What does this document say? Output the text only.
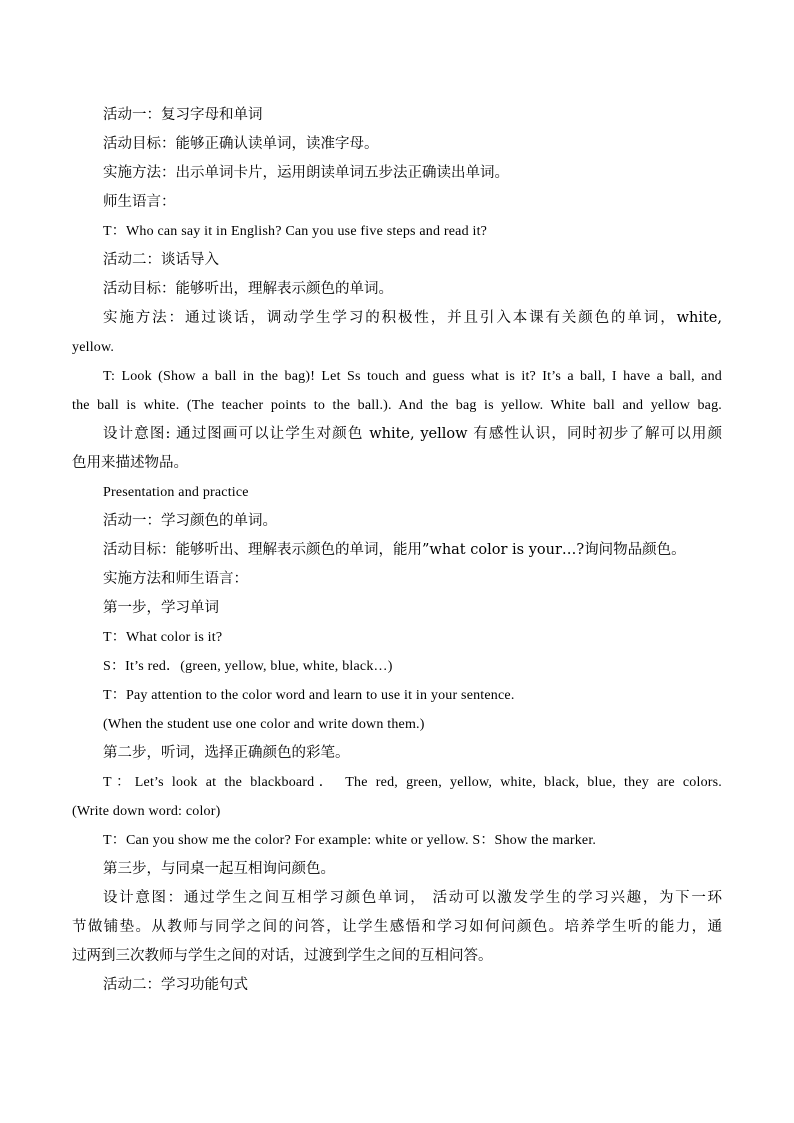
活动一：复习字母和单词
活动目标：能够正确认读单词，读准字母。
实施方法：出示单词卡片，运用朗读单词五步法正确读出单词。
师生语言：
T：Who can say it in English? Can you use five steps and read it?
活动二：谈话导入
活动目标：能够听出，理解表示颜色的单词。
实施方法：通过谈话，调动学生学习的积极性，并且引入本课有关颜色的单词，white,
yellow.
T: Look (Show a ball in the bag)! Let Ss touch and guess what is it? It’s a ball, I have a ball, and
the ball is white. (The teacher points to the ball.). And the bag is yellow. White ball and yellow bag.
设计意图: 通过图画可以让学生对颜色 white, yellow 有感性认识，同时初步了解可以用颜
色用来描述物品。
Presentation and practice
活动一：学习颜色的单词。
活动目标：能够听出、理解表示颜色的单词，能用”what color is your…?询问物品颜色。
实施方法和师生语言：
第一步，学习单词
T：What color is it?
S：It’s red．(green, yellow, blue, white, black…)
T：Pay attention to the color word and learn to use it in your sentence.
(When the student use one color and write down them.)
第二步，听词，选择正确颜色的彩笔。
T：Let’s look at the blackboard． The red, green, yellow, white, black, blue, they are colors.
(Write down word: color)
T：Can you show me the color? For example: white or yellow. S：Show the marker.
第三步，与同桌一起互相询问颜色。
设计意图：通过学生之间互相学习颜色单词， 活动可以激发学生的学习兴趣，为下一环
节做铺垫。从教师与同学之间的问答，让学生感悟和学习如何问颜色。培养学生听的能力，通
过两到三次教师与学生之间的对话，过渡到学生之间的互相问答。
活动二：学习功能句式
